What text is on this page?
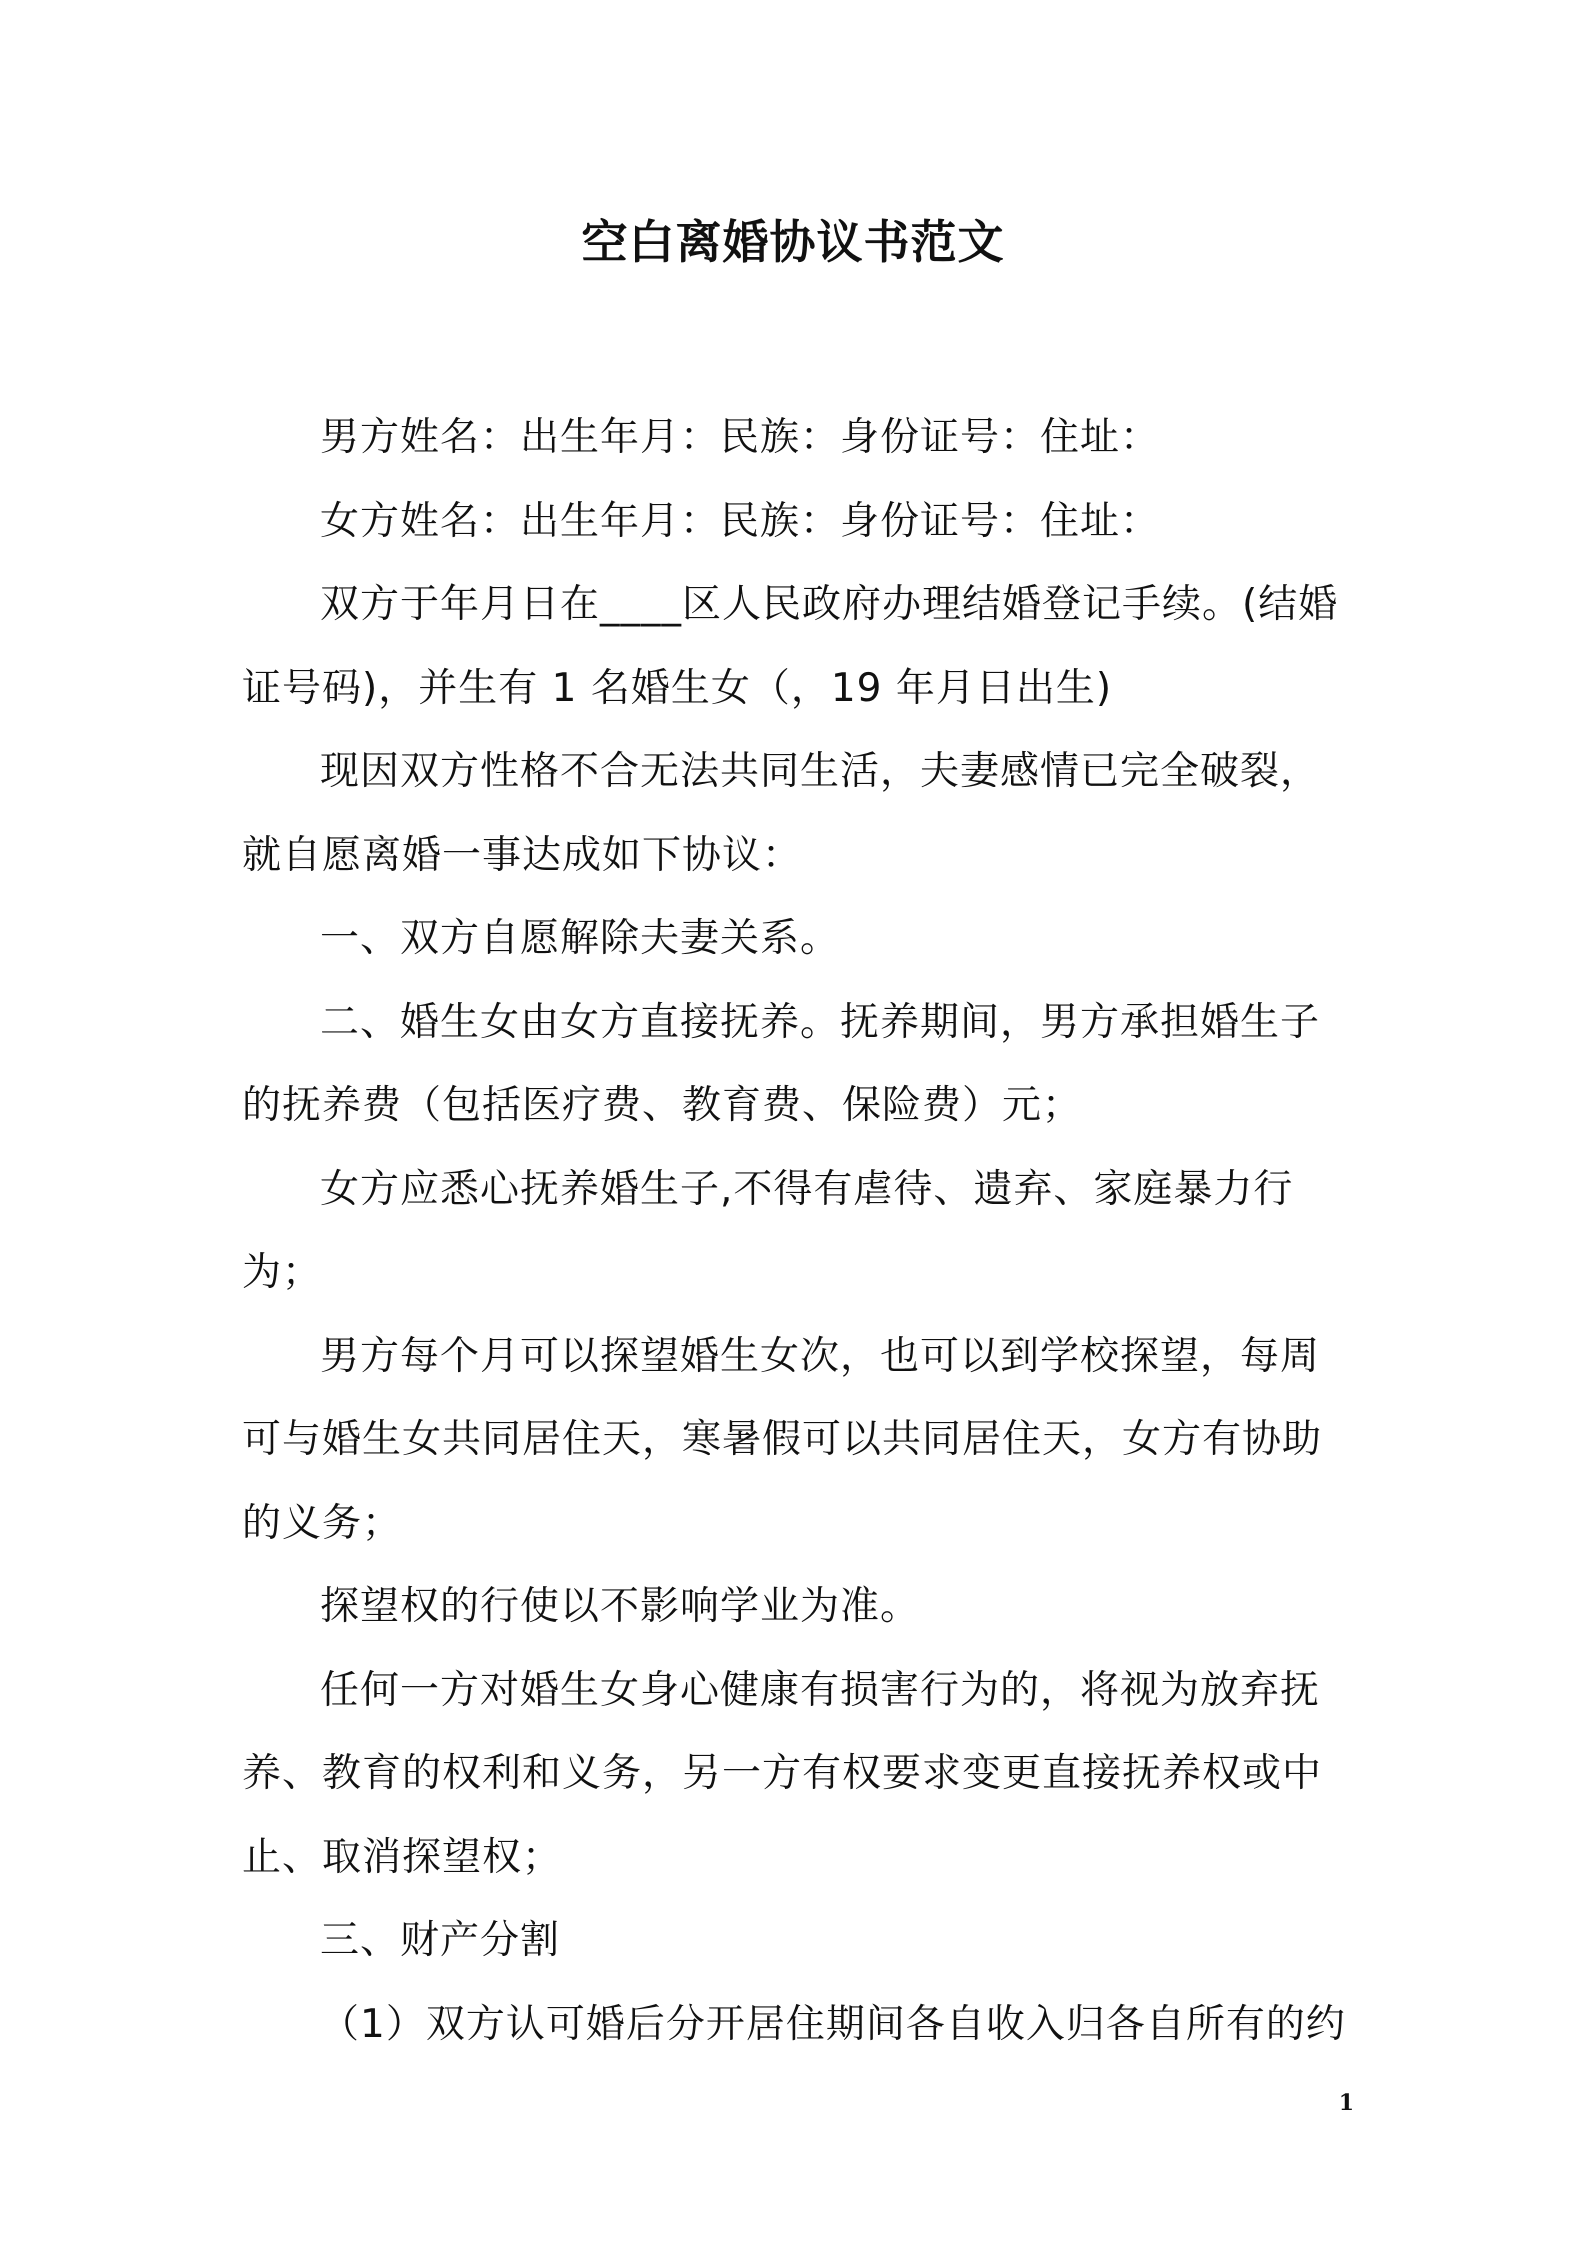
空白离婚协议书范文

男方姓名：出生年月：民族：身份证号：住址：

女方姓名：出生年月：民族：身份证号：住址：

双方于年月日在____区人民政府办理结婚登记手续。(结婚证号码)，并生有 1 名婚生女（，19 年月日出生)

现因双方性格不合无法共同生活，夫妻感情已完全破裂，就自愿离婚一事达成如下协议：

一、双方自愿解除夫妻关系。

二、婚生女由女方直接抚养。抚养期间，男方承担婚生子的抚养费（包括医疗费、教育费、保险费）元；

女方应悉心抚养婚生子,不得有虐待、遗弃、家庭暴力行为；

男方每个月可以探望婚生女次，也可以到学校探望，每周可与婚生女共同居住天，寒暑假可以共同居住天，女方有协助的义务；

探望权的行使以不影响学业为准。

任何一方对婚生女身心健康有损害行为的，将视为放弃抚养、教育的权利和义务，另一方有权要求变更直接抚养权或中止、取消探望权；

三、财产分割

（1）双方认可婚后分开居住期间各自收入归各自所有的约

1
